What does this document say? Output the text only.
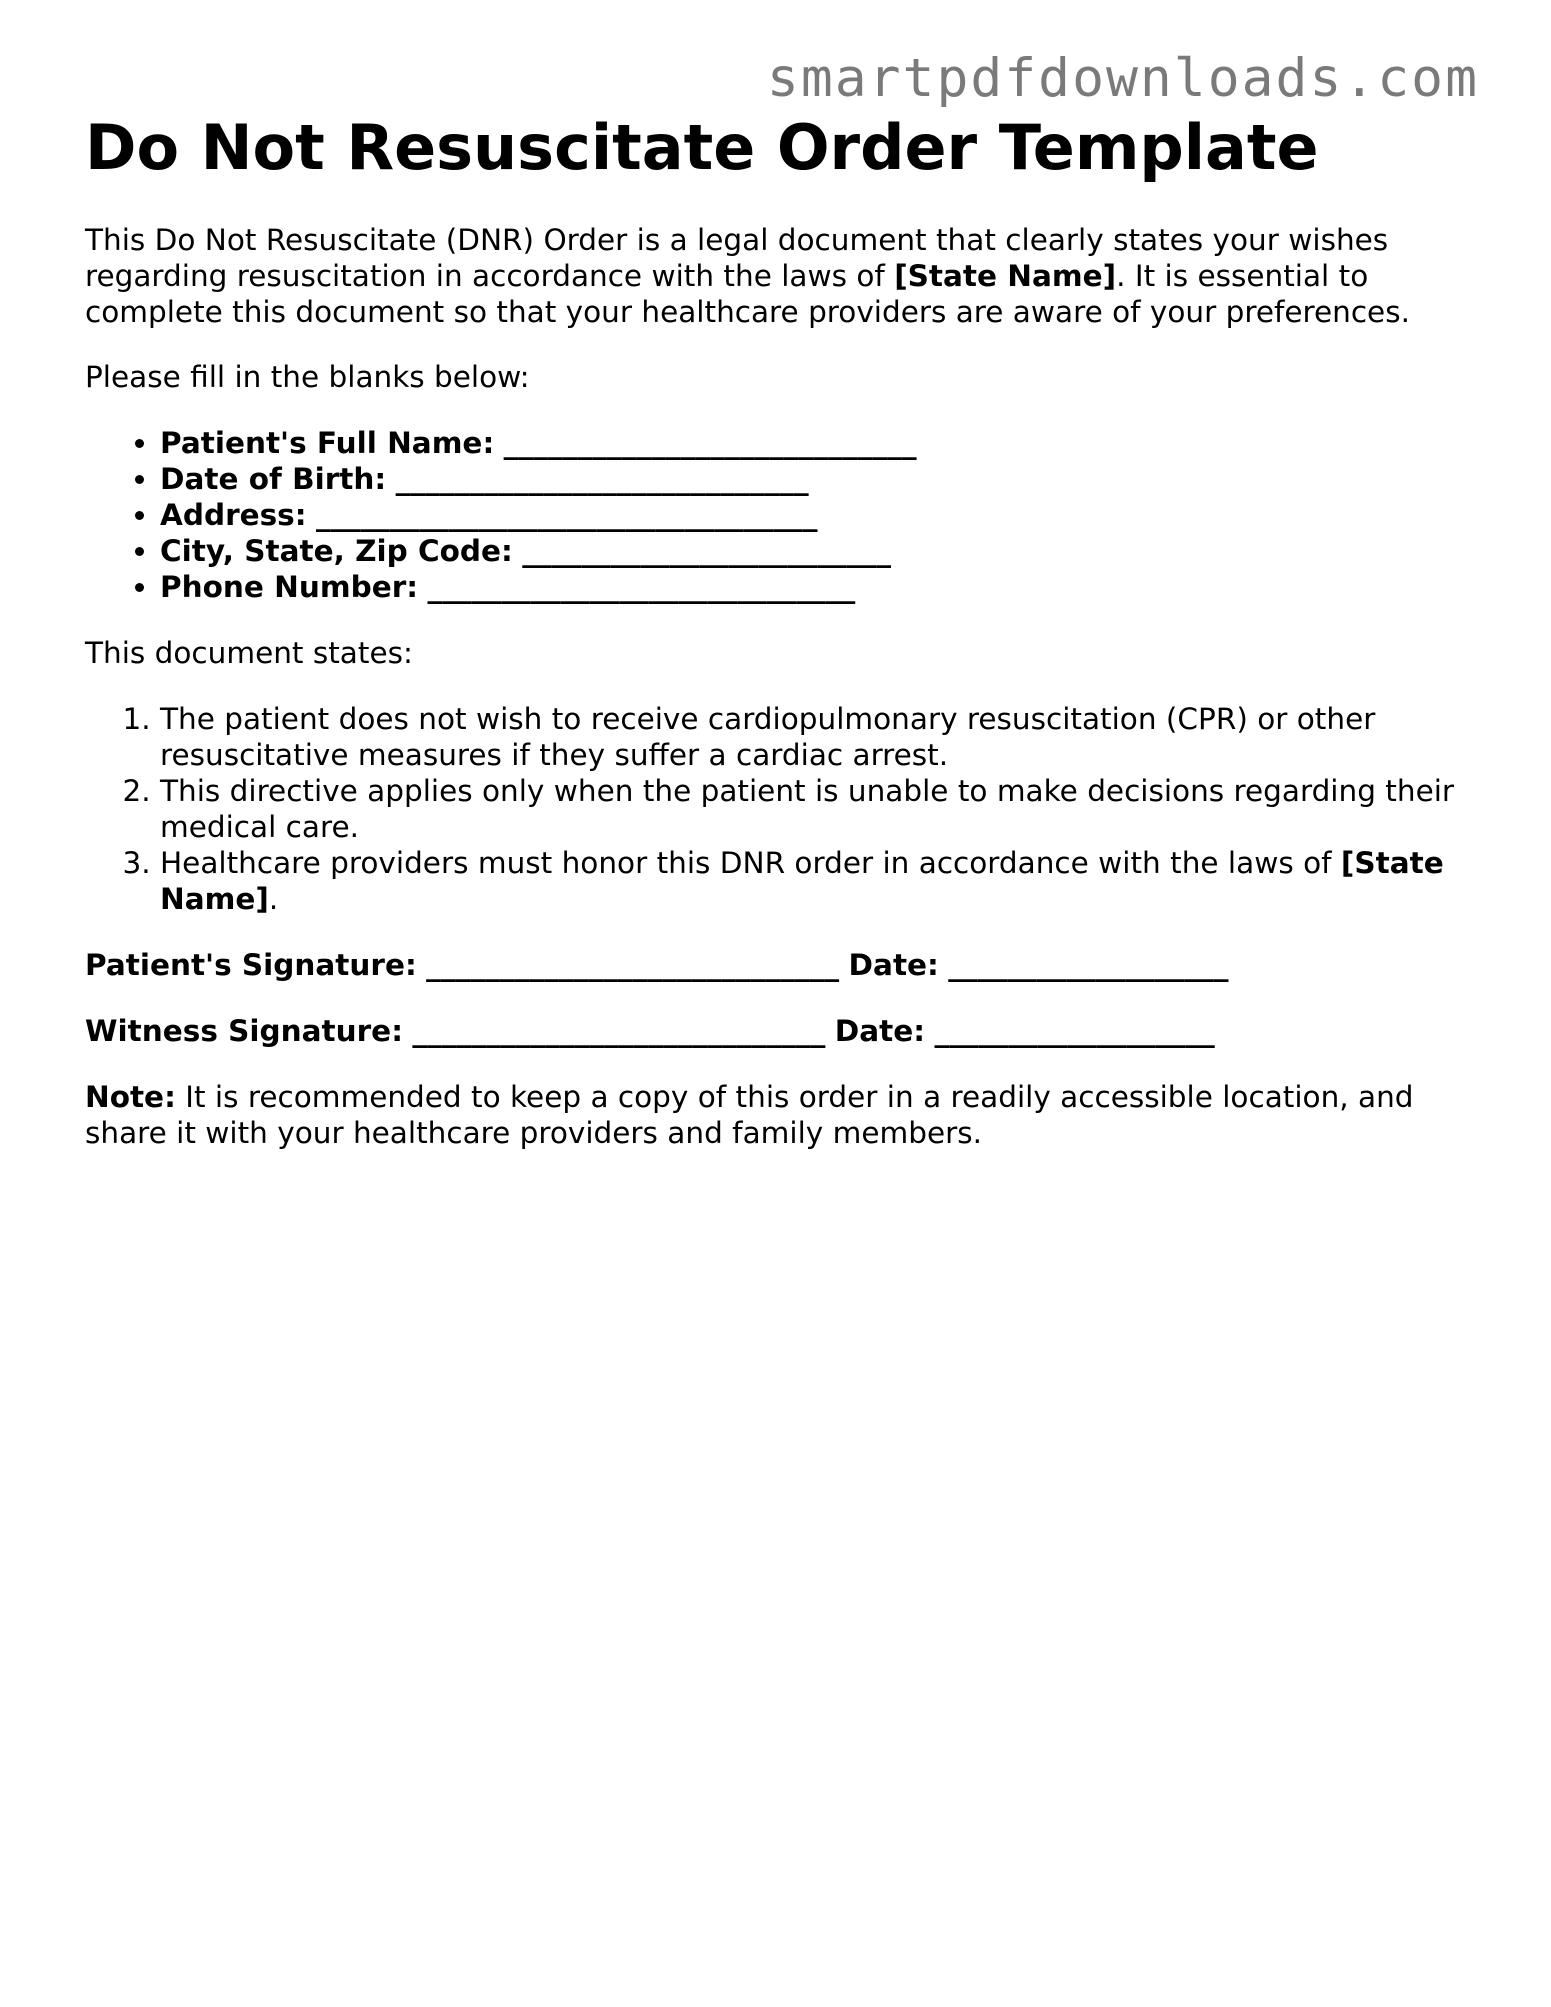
smartpdfdownloads.com
Do Not Resuscitate Order Template

This Do Not Resuscitate (DNR) Order is a legal document that clearly states your wishes regarding resuscitation in accordance with the laws of [State Name]. It is essential to complete this document so that your healthcare providers are aware of your preferences.

Please fill in the blanks below:

• Patient's Full Name: ____________________________
• Date of Birth: ____________________________
• Address: __________________________________
• City, State, Zip Code: _________________________
• Phone Number: _____________________________

This document states:

1. The patient does not wish to receive cardiopulmonary resuscitation (CPR) or other resuscitative measures if they suffer a cardiac arrest.
2. This directive applies only when the patient is unable to make decisions regarding their medical care.
3. Healthcare providers must honor this DNR order in accordance with the laws of [State Name].

Patient's Signature: ____________________________ Date: ___________________

Witness Signature: ____________________________ Date: ___________________

Note: It is recommended to keep a copy of this order in a readily accessible location, and share it with your healthcare providers and family members.
